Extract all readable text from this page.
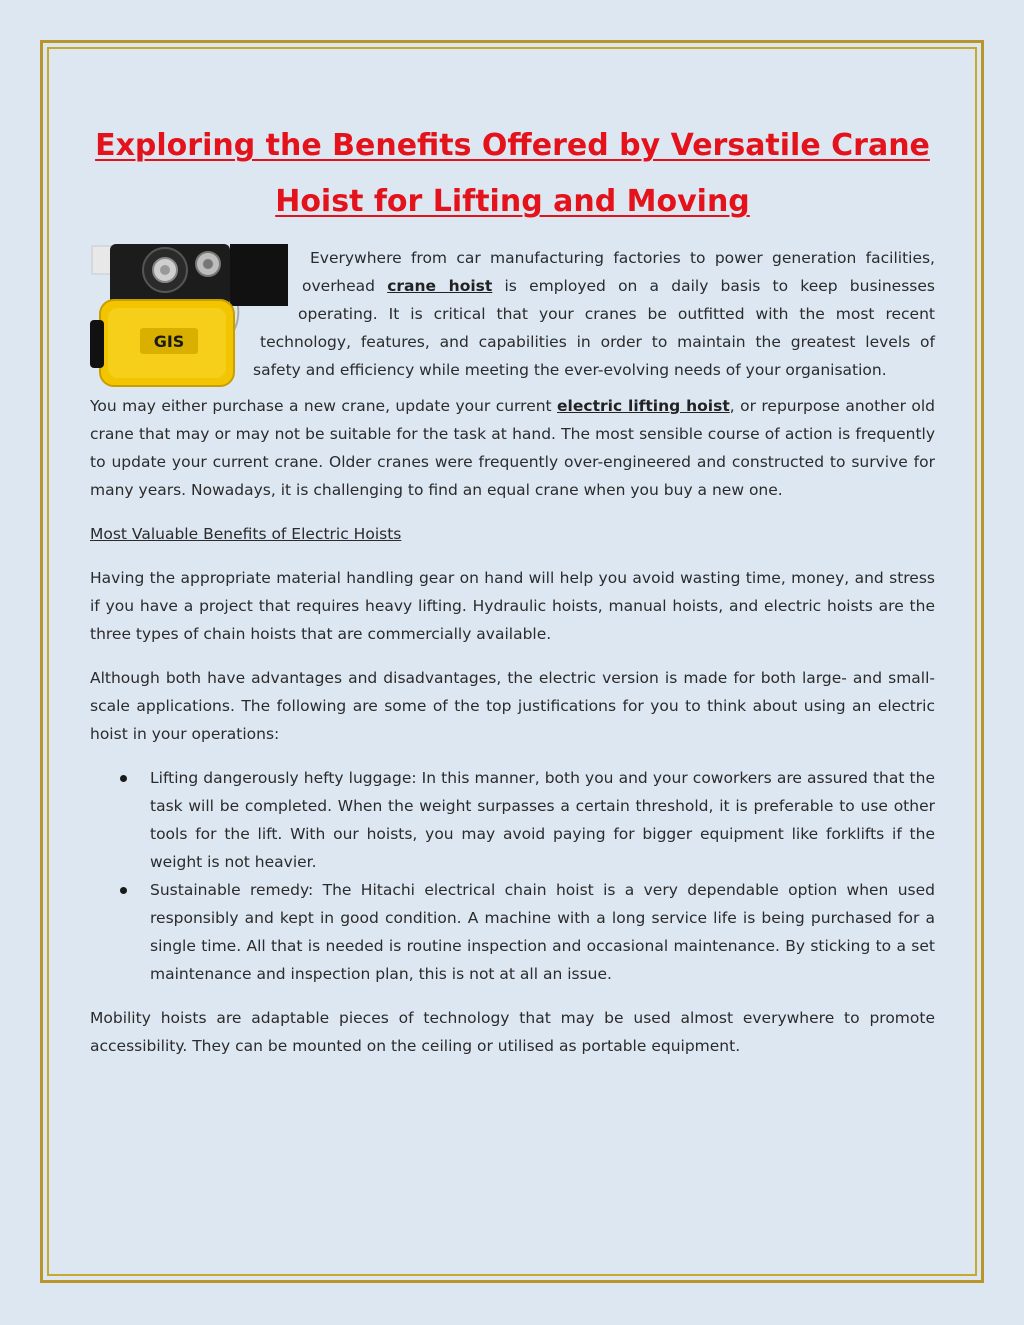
Exploring the Benefits Offered by Versatile Crane Hoist for Lifting and Moving
GIS
Everywhere from car manufacturing factories to power generation facilities,
overhead crane hoist is employed on a daily basis to keep businesses
operating. It is critical that your cranes be outfitted with the most recent
technology, features, and capabilities in order to maintain the greatest levels of
safety and efficiency while meeting the ever-evolving needs of your organisation.

You may either purchase a new crane, update your current electric lifting hoist, or repurpose another old crane that may or may not be suitable for the task at hand. The most sensible course of action is frequently to update your current crane. Older cranes were frequently over-engineered and constructed to survive for many years. Nowadays, it is challenging to find an equal crane when you buy a new one.

Most Valuable Benefits of Electric Hoists

Having the appropriate material handling gear on hand will help you avoid wasting time, money, and stress if you have a project that requires heavy lifting. Hydraulic hoists, manual hoists, and electric hoists are the three types of chain hoists that are commercially available.

Although both have advantages and disadvantages, the electric version is made for both large- and small-scale applications. The following are some of the top justifications for you to think about using an electric hoist in your operations:

Lifting dangerously hefty luggage: In this manner, both you and your coworkers are assured that the task will be completed. When the weight surpasses a certain threshold, it is preferable to use other tools for the lift. With our hoists, you may avoid paying for bigger equipment like forklifts if the weight is not heavier.
Sustainable remedy: The Hitachi electrical chain hoist is a very dependable option when used responsibly and kept in good condition. A machine with a long service life is being purchased for a single time. All that is needed is routine inspection and occasional maintenance. By sticking to a set maintenance and inspection plan, this is not at all an issue.

Mobility hoists are adaptable pieces of technology that may be used almost everywhere to promote accessibility. They can be mounted on the ceiling or utilised as portable equipment.
